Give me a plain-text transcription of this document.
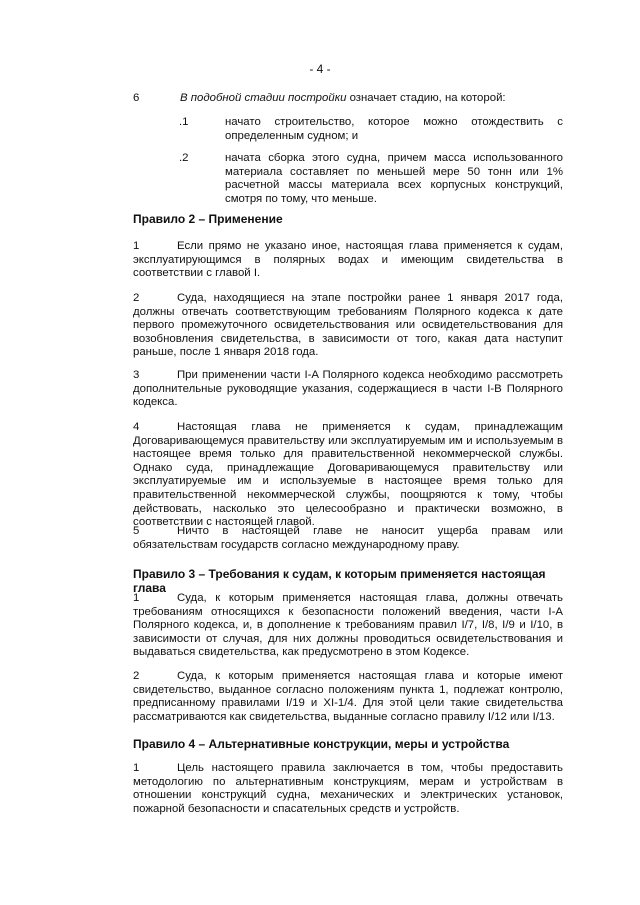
- 4 -
6	В подобной стадии постройки означает стадию, на которой:
.1	начато строительство, которое можно отождествить с определенным судном; и
.2	начата сборка этого судна, причем масса использованного материала составляет по меньшей мере 50 тонн или 1% расчетной массы материала всех корпусных конструкций, смотря по тому, что меньше.

Правило 2 – Применение

1	Если прямо не указано иное, настоящая глава применяется к судам, эксплуатирующимся в полярных водах и имеющим свидетельства в соответствии с главой I.

2	Суда, находящиеся на этапе постройки ранее 1 января 2017 года, должны отвечать соответствующим требованиям Полярного кодекса к дате первого промежуточного освидетельствования или освидетельствования для возобновления свидетельства, в зависимости от того, какая дата наступит раньше, после 1 января 2018 года.

3	При применении части I-A Полярного кодекса необходимо рассмотреть дополнительные руководящие указания, содержащиеся в части I-B Полярного кодекса.

4	Настоящая глава не применяется к судам, принадлежащим Договаривающемуся правительству или эксплуатируемым им и используемым в настоящее время только для правительственной некоммерческой службы. Однако суда, принадлежащие Договаривающемуся правительству или эксплуатируемые им и используемые в настоящее время только для правительственной некоммерческой службы, поощряются к тому, чтобы действовать, насколько это целесообразно и практически возможно, в соответствии с настоящей главой.

5	Ничто в настоящей главе не наносит ущерба правам или обязательствам государств согласно международному праву.

Правило 3 – Требования к судам, к которым применяется настоящая глава

1	Суда, к которым применяется настоящая глава, должны отвечать требованиям относящихся к безопасности положений введения, части I-A Полярного кодекса, и, в дополнение к требованиям правил I/7, I/8, I/9 и I/10, в зависимости от случая, для них должны проводиться освидетельствования и выдаваться свидетельства, как предусмотрено в этом Кодексе.

2	Суда, к которым применяется настоящая глава и которые имеют свидетельство, выданное согласно положениям пункта 1, подлежат контролю, предписанному правилами I/19 и XI-1/4. Для этой цели такие свидетельства рассматриваются как свидетельства, выданные согласно правилу I/12 или I/13.

Правило 4 – Альтернативные конструкции, меры и устройства

1	Цель настоящего правила заключается в том, чтобы предоставить методологию по альтернативным конструкциям, мерам и устройствам в отношении конструкций судна, механических и электрических установок, пожарной безопасности и спасательных средств и устройств.
